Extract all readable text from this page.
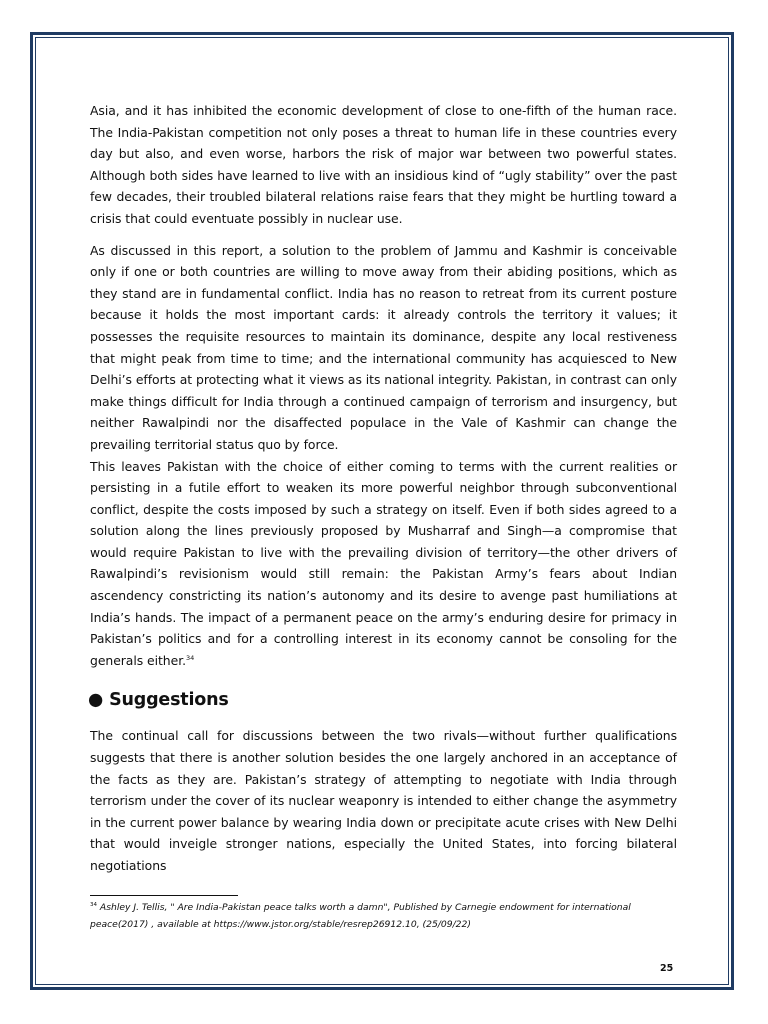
Asia, and it has inhibited the economic development of close to one-fifth of the human race. The India-Pakistan competition not only poses a threat to human life in these countries every day but also, and even worse, harbors the risk of major war between two powerful states. Although both sides have learned to live with an insidious kind of “ugly stability” over the past few decades, their troubled bilateral relations raise fears that they might be hurtling toward a crisis that could eventuate possibly in nuclear use.

As discussed in this report, a solution to the problem of Jammu and Kashmir is conceivable only if one or both countries are willing to move away from their abiding positions, which as they stand are in fundamental conflict. India has no reason to retreat from its current posture because it holds the most important cards: it already controls the territory it values; it possesses the requisite resources to maintain its dominance, despite any local restiveness that might peak from time to time; and the international community has acquiesced to New Delhi’s efforts at protecting what it views as its national integrity. Pakistan, in contrast can only make things difficult for India through a continued campaign of terrorism and insurgency, but neither Rawalpindi nor the disaffected populace in the Vale of Kashmir can change the prevailing territorial status quo by force.

This leaves Pakistan with the choice of either coming to terms with the current realities or persisting in a futile effort to weaken its more powerful neighbor through subconventional conflict, despite the costs imposed by such a strategy on itself. Even if both sides agreed to a solution along the lines previously proposed by Musharraf and Singh—a compromise that would require Pakistan to live with the prevailing division of territory—the other drivers of Rawalpindi’s revisionism would still remain: the Pakistan Army’s fears about Indian ascendency constricting its nation’s autonomy and its desire to avenge past humiliations at India’s hands. The impact of a permanent peace on the army’s enduring desire for primacy in Pakistan’s politics and for a controlling interest in its economy cannot be consoling for the generals either.$^{34}$

● Suggestions

The continual call for discussions between the two rivals—without further qualifications suggests that there is another solution besides the one largely anchored in an acceptance of the facts as they are. Pakistan’s strategy of attempting to negotiate with India through terrorism under the cover of its nuclear weaponry is intended to either change the asymmetry in the current power balance by wearing India down or precipitate acute crises with New Delhi that would inveigle stronger nations, especially the United States, into forcing bilateral negotiations

$^{34}$ Ashley J. Tellis, " Are India-Pakistan peace talks worth a damn", Published by Carnegie endowment for international peace(2017) , available at https://www.jstor.org/stable/resrep26912.10, (25/09/22)
25
